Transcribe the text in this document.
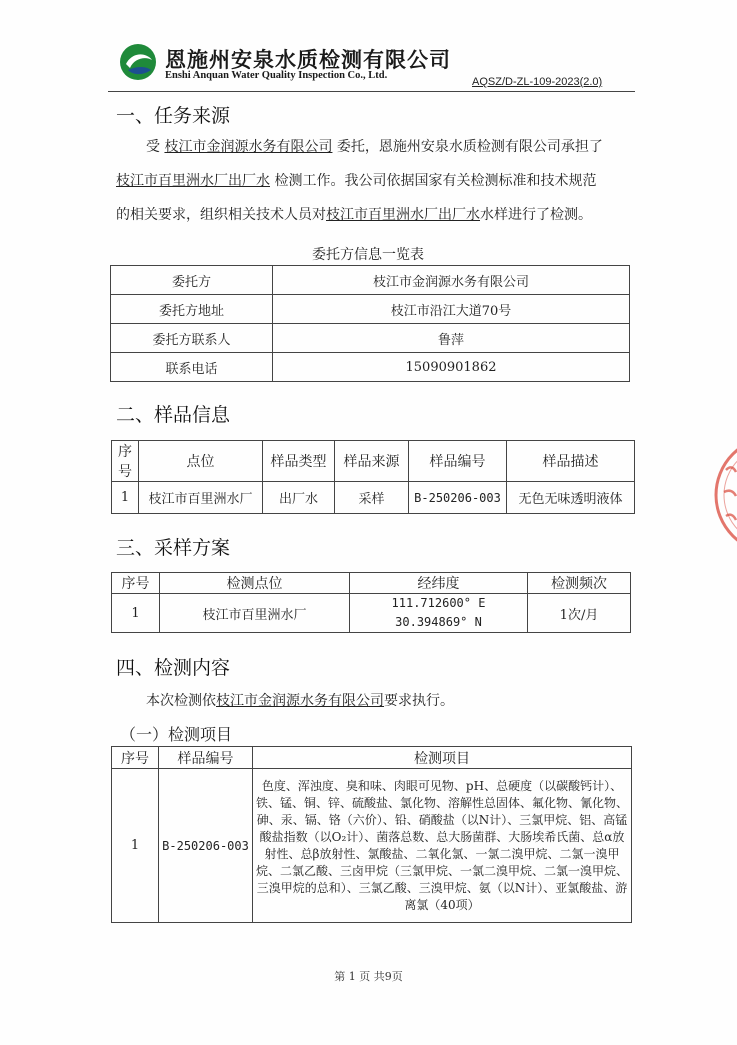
恩施州安泉水质检测有限公司
Enshi Anquan Water Quality Inspection Co., Ltd.
AQSZ/D-ZL-109-2023(2.0)
一、任务来源
受 枝江市金润源水务有限公司 委托，恩施州安泉水质检测有限公司承担了
枝江市百里洲水厂出厂水 检测工作。我公司依据国家有关检测标准和技术规范
的相关要求，组织相关技术人员对枝江市百里洲水厂出厂水水样进行了检测。
委托方信息一览表
委托方	枝江市金润源水务有限公司
委托方地址	枝江市沿江大道70号
委托方联系人	鲁萍
联系电话	15090901862
二、样品信息
序号	点位	样品类型	样品来源	样品编号	样品描述
1	枝江市百里洲水厂	出厂水	采样	B-250206-003	无色无味透明液体
三、采样方案
序号	检测点位	经纬度	检测频次
1	枝江市百里洲水厂	111.712600° E
30.394869° N	1次/月
四、检测内容
本次检测依枝江市金润源水务有限公司要求执行。
（一）检测项目
序号	样品编号	检测项目
1	B-250206-003	色度、浑浊度、臭和味、肉眼可见物、pH、总硬度（以碳酸钙计）、铁、锰、铜、锌、硫酸盐、氯化物、溶解性总固体、氟化物、氰化物、砷、汞、镉、铬（六价）、铅、硝酸盐（以N计）、三氯甲烷、铝、高锰酸盐指数（以O₂计）、菌落总数、总大肠菌群、大肠埃希氏菌、总α放射性、总β放射性、氯酸盐、二氧化氯、一氯二溴甲烷、二氯一溴甲烷、二氯乙酸、三卤甲烷（三氯甲烷、一氯二溴甲烷、二氯一溴甲烷、三溴甲烷的总和）、三氯乙酸、三溴甲烷、氨（以N计）、亚氯酸盐、游离氯（40项）
第 1 页 共9页
